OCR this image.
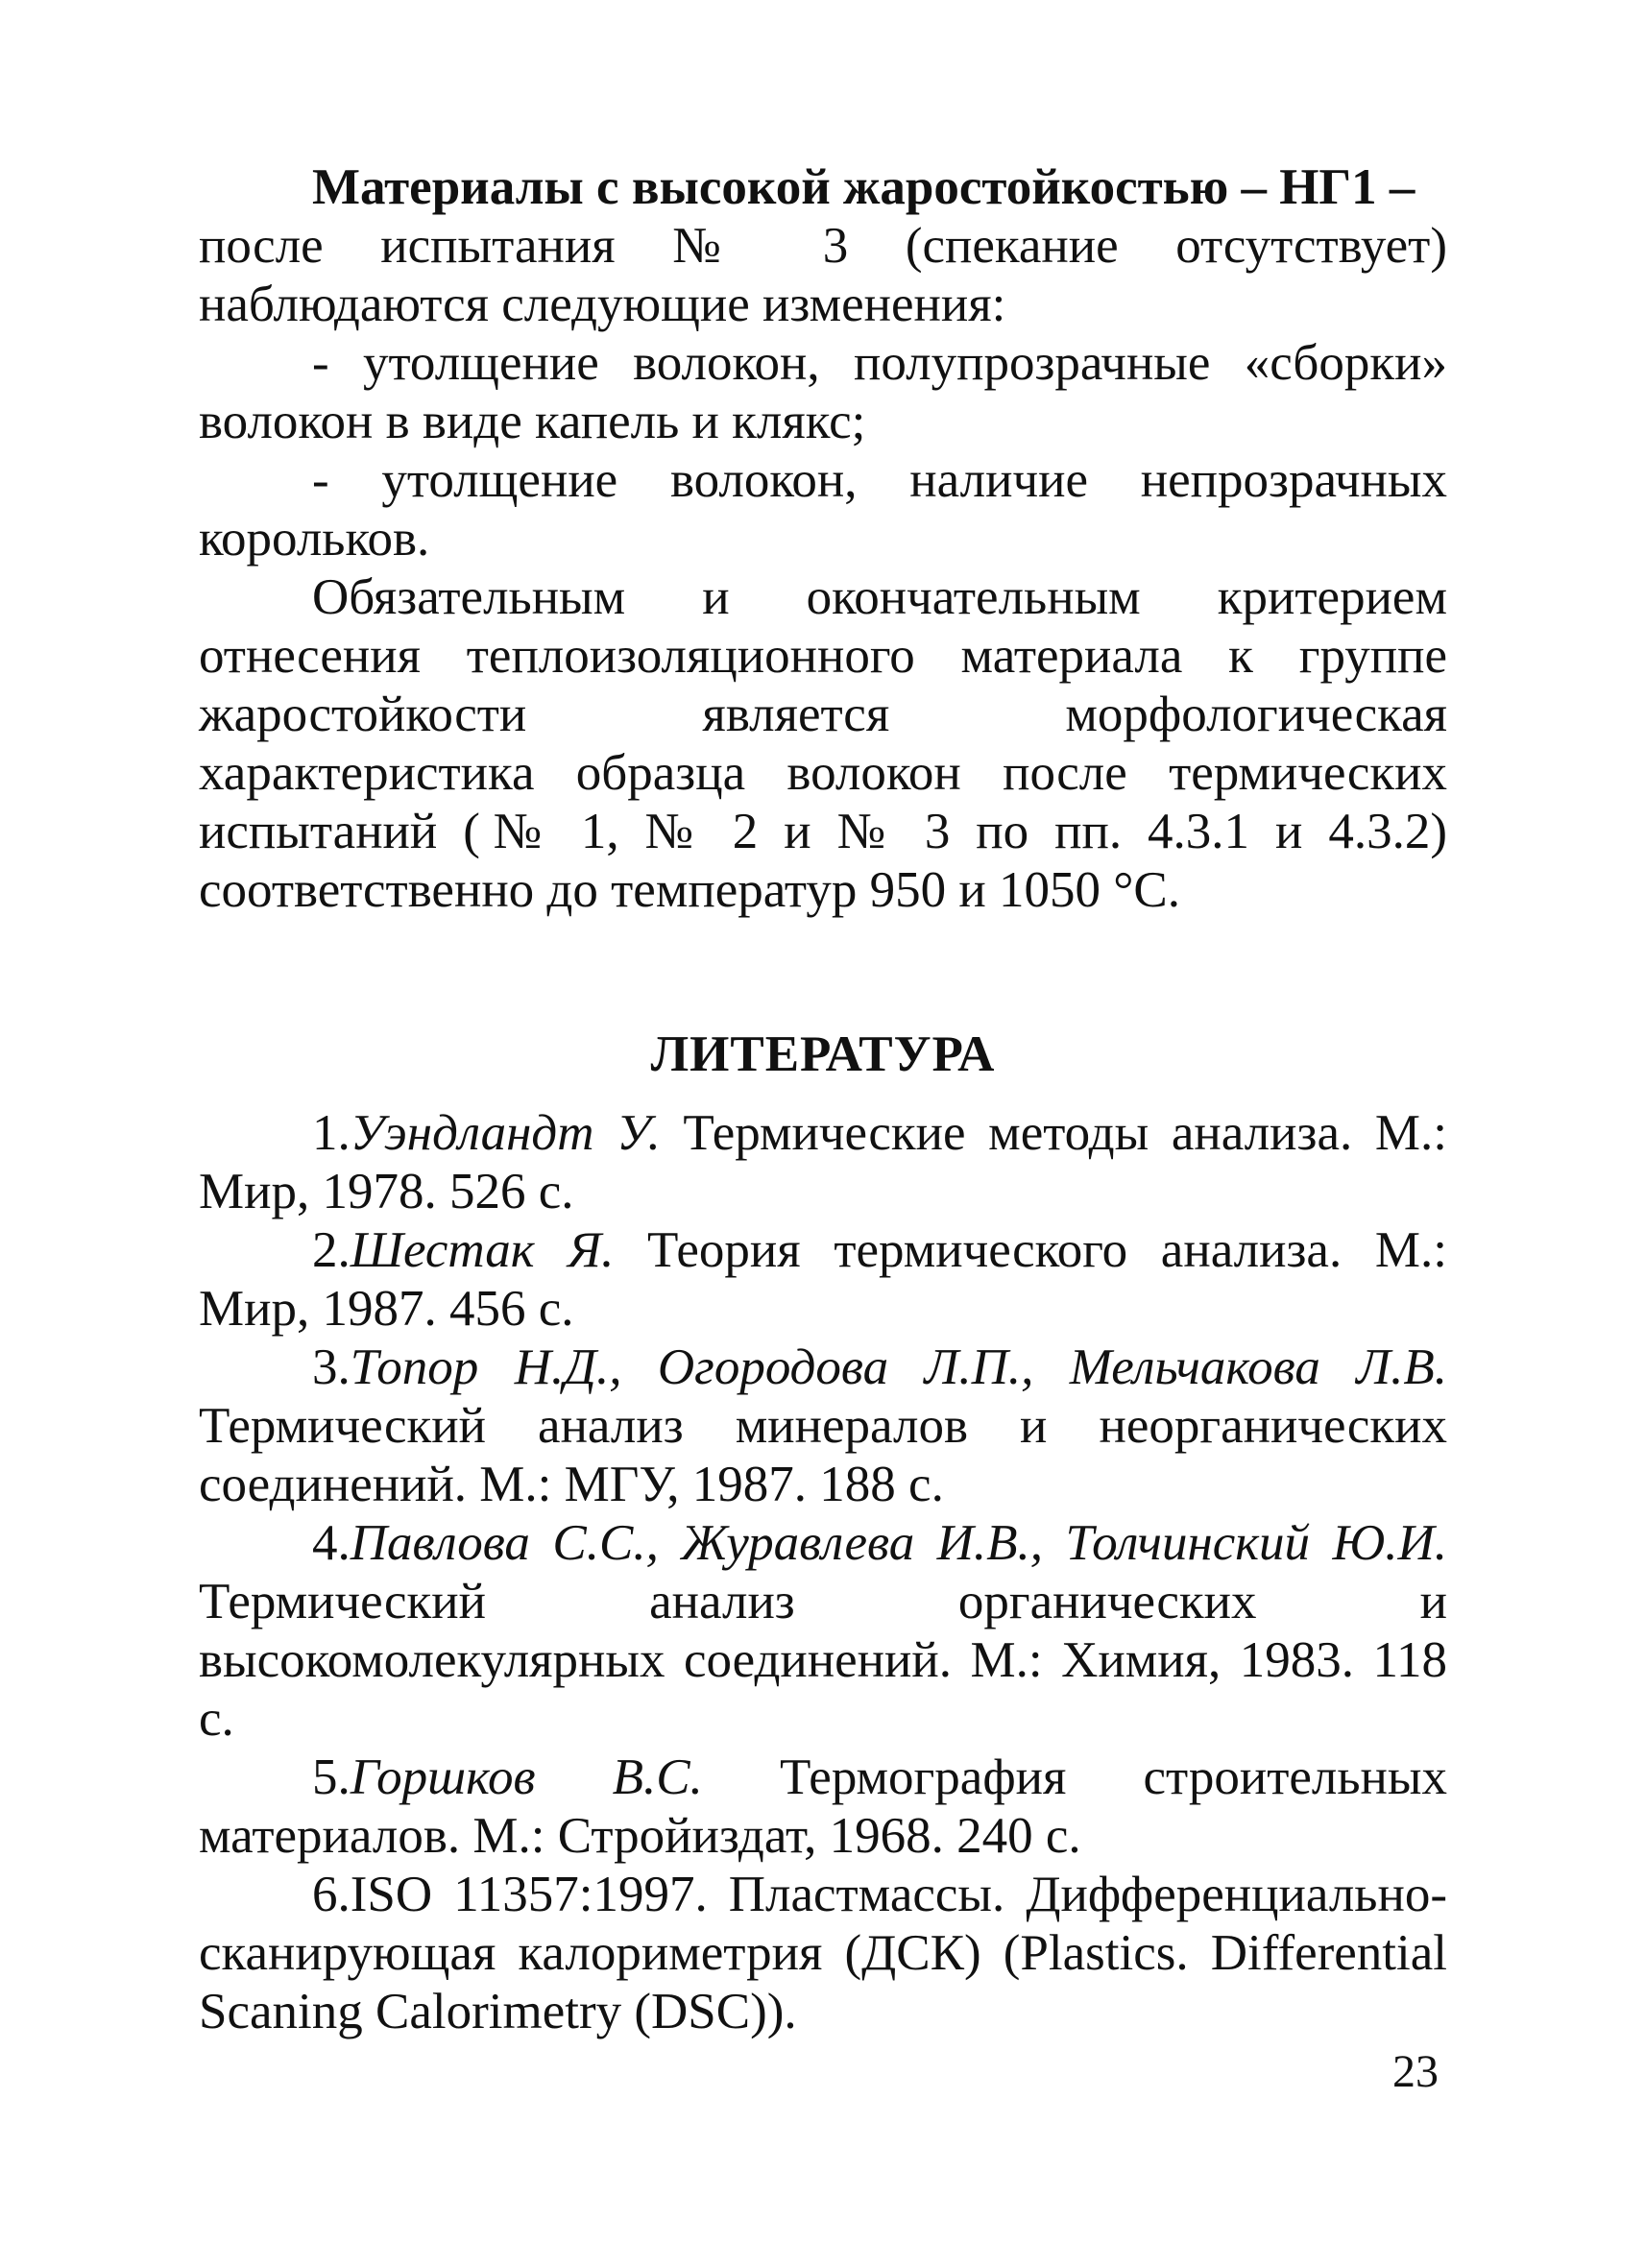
Материалы с высокой жаростойкостью – НГ1 –
после испытания № 3 (спекание отсутствует) наблюдаются следующие изменения:

- утолщение волокон, полупрозрачные «сборки» волокон в виде капель и клякс;

- утолщение волокон, наличие непрозрачных корольков.

Обязательным и окончательным критерием отнесения теплоизоляционного материала к группе жаростойкости является морфологическая характеристика образца волокон после термических испытаний (№ 1, № 2 и № 3 по пп. 4.3.1 и 4.3.2) соответственно до температур 950 и 1050 °С.

ЛИТЕРАТУРА

1.Уэндландт У. Термические методы анализа. М.: Мир, 1978. 526 с.

2.Шестак Я. Теория термического анализа. М.: Мир, 1987. 456 с.

3.Топор Н.Д., Огородова Л.П., Мельчакова Л.В. Термический анализ минералов и неорганических соединений. М.: МГУ, 1987. 188 с.

4.Павлова С.С., Журавлева И.В., Толчинский Ю.И. Термический анализ органических и высокомолекулярных соединений. М.: Химия, 1983. 118 с.

5.Горшков В.С. Термография строительных материалов. М.: Стройиздат, 1968. 240 с.

6.ISO 11357:1997. Пластмассы. Дифференциально-сканирующая калориметрия (ДСК) (Plastics. Differential Scaning Calorimetry (DSC)).

23
